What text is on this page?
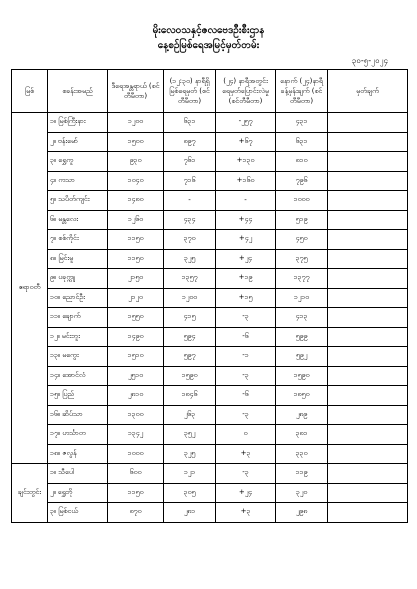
မိုးလေဝသနှင့်ဇလဗေဒဦးစီးဌာန
နေ့စဉ်မြစ်ရေအမြင့်မှတ်တမ်း
၃၀-၅-၂၀၂၄
မြစ်	စခန်းအမည်	ဒီရေအန္တရာယ် (စင်တီမီတာ)	(၁၂:၃၀) နာရီရှိ မြစ်ရေမှတ် (စင်တီမီတာ)	(၂၄) နာရီအတွင်း ရေမှတ်ပြောင်းလဲမှု (စင်တီမီတာ)	နောက် (၂၄)နာရီ ခန့်မှန်းချက် (စင်တီမီတာ)	မှတ်ချက်
ဧရာဝတီ	၁။ မြစ်ကြီးနား	၁၂၀၀	၆၃၁	-၂၅၇	၄၃၁	
	၂။ ဗန်းမော်	၁၅၀၀	၈၉၇	+၆၇	၆၃၁	
	၃။ ရွှေကူ	၉၃၀	၇၆၁	+၁၃၀	၈၁၀	
	၄။ ကသာ	၁၀၄၀	၇၁၆	+၁၆၀	၇၉၆	
	၅။ သပိတ်ကျင်း	၁၄၈၀	-	-	၁၀၀၀	
	၆။ မန္တလေး	၁၂၆၀	၄၃၄	+၄၄	၅၁၉	
	၇။ စစ်ကိုင်း	၁၁၅၀	၃၇၀	+၄၂	၄၅၀	
	၈။ မြင်းမူ	၁၁၅၀	၃၂၅	+၂၄	၃၇၅	
	၉။ ပခုက္ကူ	၂၁၅၀	၁၃၅၇	+၁၉	၁၃၇၇	
	၁၀။ ညောင်ဦး	၂၁၂၀	၁၂၀၀	+၁၅	၁၂၁၀	
	၁၁။ ချောက်	၁၅၅၀	၄၁၅	-၃	၄၁၃	
	၁၂။ မင်းဘူး	၁၄၉၀	၅၉၄	-၆	၅၉၉	
	၁၃။ မကွေး	၁၅၁၀	၅၉၇	-၁	၅၉၂	
	၁၄။ အောင်လံ	၂၅၁၀	၁၅၉၀	-၃	၁၅၉၀	
	၁၅။ ပြည်	၂၈၁၀	၁၈၄၆	-၆	၁၈၅၀	
	၁၆။ ဆိပ်သာ	၁၃၀၀	၂၆၃	-၃	၂၈၉	
	၁၇။ ဟင်္သာတ	၁၃၄၂	၃၅၂	၀	၃၈၁	
	၁၈။ ဇလွန်	၁၀၀၀	၃၂၅	+၃	၃၃၀	
ချင်းတွင်း	၁။ သီပေါ	၆၀၀	၁၂၁	-၃	၁၁၉	
	၂။ ရွှေဘို	၁၁၅၀	၃၀၅	+၂၄	၃၂၀	
	၃။ မြစ်ငယ်	၈၇၀	၂၈၁	+၃	၂၉၈	
